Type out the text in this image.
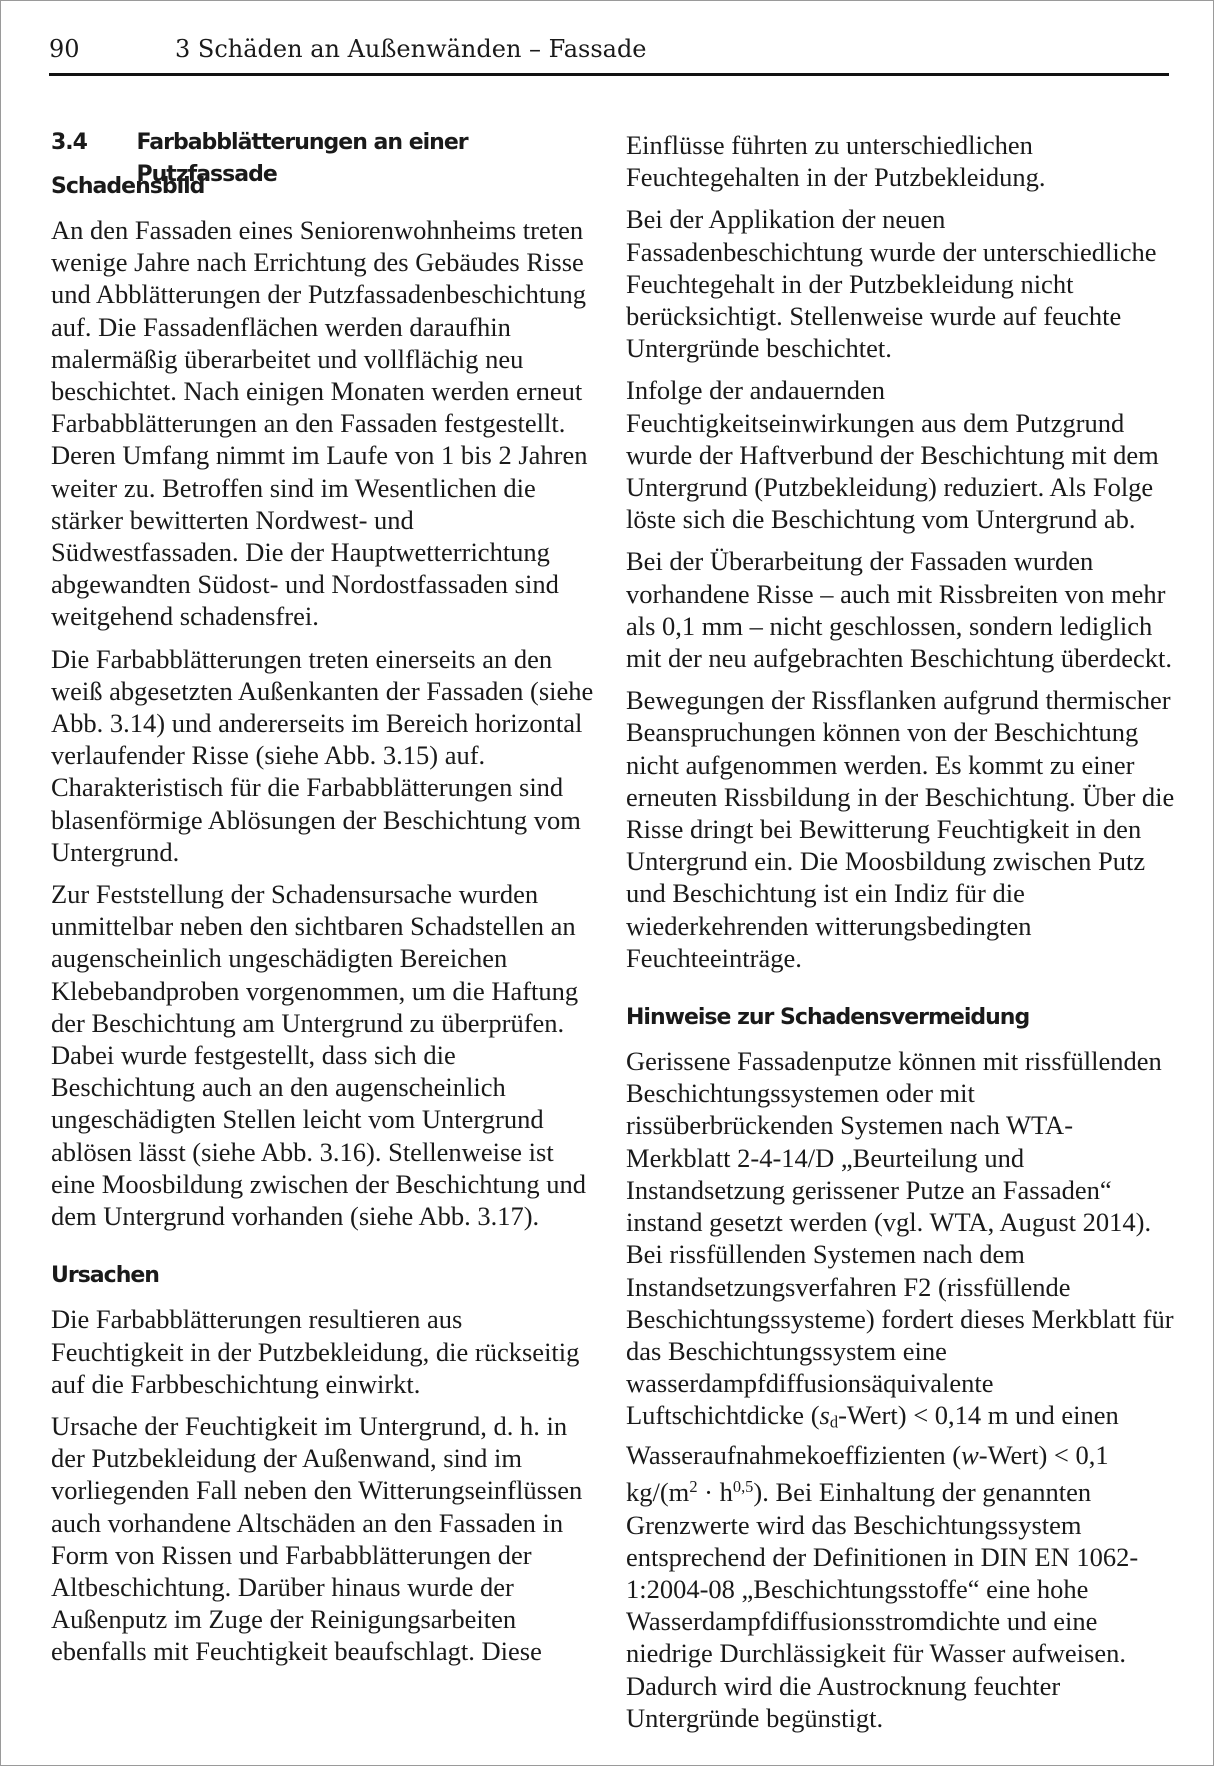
90	3 Schäden an Außenwänden – Fassade
3.4	Farbabblätterungen an einer Putzfassade
Schadensbild

An den Fassaden eines Seniorenwohnheims treten wenige Jahre nach Errichtung des Gebäudes Risse und Abblätterungen der Putzfassadenbeschichtung auf. Die Fassadenflächen werden daraufhin malermäßig überarbeitet und vollflächig neu beschichtet. Nach einigen Monaten werden erneut Farbabblätterungen an den Fassaden festgestellt. Deren Umfang nimmt im Laufe von 1 bis 2 Jahren weiter zu. Betroffen sind im Wesentlichen die stärker bewitterten Nordwest- und Südwestfassaden. Die der Hauptwetterrichtung abgewandten Südost- und Nordostfassaden sind weitgehend schadensfrei.

Die Farbabblätterungen treten einerseits an den weiß abgesetzten Außenkanten der Fassaden (siehe Abb. 3.14) und andererseits im Bereich horizontal verlaufender Risse (siehe Abb. 3.15) auf. Charakteristisch für die Farbabblätterungen sind blasenförmige Ablösungen der Beschichtung vom Untergrund.

Zur Feststellung der Schadensursache wurden unmittelbar neben den sichtbaren Schadstellen an augenscheinlich ungeschädigten Bereichen Klebebandproben vorgenommen, um die Haftung der Beschichtung am Untergrund zu überprüfen. Dabei wurde festgestellt, dass sich die Beschichtung auch an den augenscheinlich ungeschädigten Stellen leicht vom Untergrund ablösen lässt (siehe Abb. 3.16). Stellenweise ist eine Moosbildung zwischen der Beschichtung und dem Untergrund vorhanden (siehe Abb. 3.17).

Ursachen

Die Farbabblätterungen resultieren aus Feuchtigkeit in der Putzbekleidung, die rückseitig auf die Farbbeschichtung einwirkt.

Ursache der Feuchtigkeit im Untergrund, d. h. in der Putzbekleidung der Außenwand, sind im vorliegenden Fall neben den Witterungseinflüssen auch vorhandene Altschäden an den Fassaden in Form von Rissen und Farbabblätterungen der Altbeschichtung. Darüber hinaus wurde der Außenputz im Zuge der Reinigungsarbeiten ebenfalls mit Feuchtigkeit beaufschlagt. Diese

Einflüsse führten zu unterschiedlichen Feuchtegehalten in der Putzbekleidung.

Bei der Applikation der neuen Fassadenbeschichtung wurde der unterschiedliche Feuchtegehalt in der Putzbekleidung nicht berücksichtigt. Stellenweise wurde auf feuchte Untergründe beschichtet.

Infolge der andauernden Feuchtigkeitseinwirkungen aus dem Putzgrund wurde der Haftverbund der Beschichtung mit dem Untergrund (Putzbekleidung) reduziert. Als Folge löste sich die Beschichtung vom Untergrund ab.

Bei der Überarbeitung der Fassaden wurden vorhandene Risse – auch mit Rissbreiten von mehr als 0,1 mm – nicht geschlossen, sondern lediglich mit der neu aufgebrachten Beschichtung überdeckt.

Bewegungen der Rissflanken aufgrund thermischer Beanspruchungen können von der Beschichtung nicht aufgenommen werden. Es kommt zu einer erneuten Rissbildung in der Beschichtung. Über die Risse dringt bei Bewitterung Feuchtigkeit in den Untergrund ein. Die Moosbildung zwischen Putz und Beschichtung ist ein Indiz für die wiederkehrenden witterungsbedingten Feuchteeinträge.

Hinweise zur Schadensvermeidung

Gerissene Fassadenputze können mit rissfüllenden Beschichtungssystemen oder mit rissüberbrückenden Systemen nach WTA-Merkblatt 2-4-14/D „Beurteilung und Instandsetzung gerissener Putze an Fassaden“ instand gesetzt werden (vgl. WTA, August 2014). Bei rissfüllenden Systemen nach dem Instandsetzungsverfahren F2 (rissfüllende Beschichtungssysteme) fordert dieses Merkblatt für das Beschichtungssystem eine wasserdampfdiffusionsäquivalente Luftschichtdicke $(s_d-Wert) < 0,14$ m und einen Wasseraufnahmekoeffizienten (w-Wert) < 0,1 $kg/(m^2 \cdot h^{0,5})$. Bei Einhaltung der genannten Grenzwerte wird das Beschichtungssystem entsprechend der Definitionen in DIN EN 1062-1:2004-08 „Beschichtungsstoffe“ eine hohe Wasserdampfdiffusionsstromdichte und eine niedrige Durchlässigkeit für Wasser aufweisen. Dadurch wird die Austrocknung feuchter Untergründe begünstigt.
